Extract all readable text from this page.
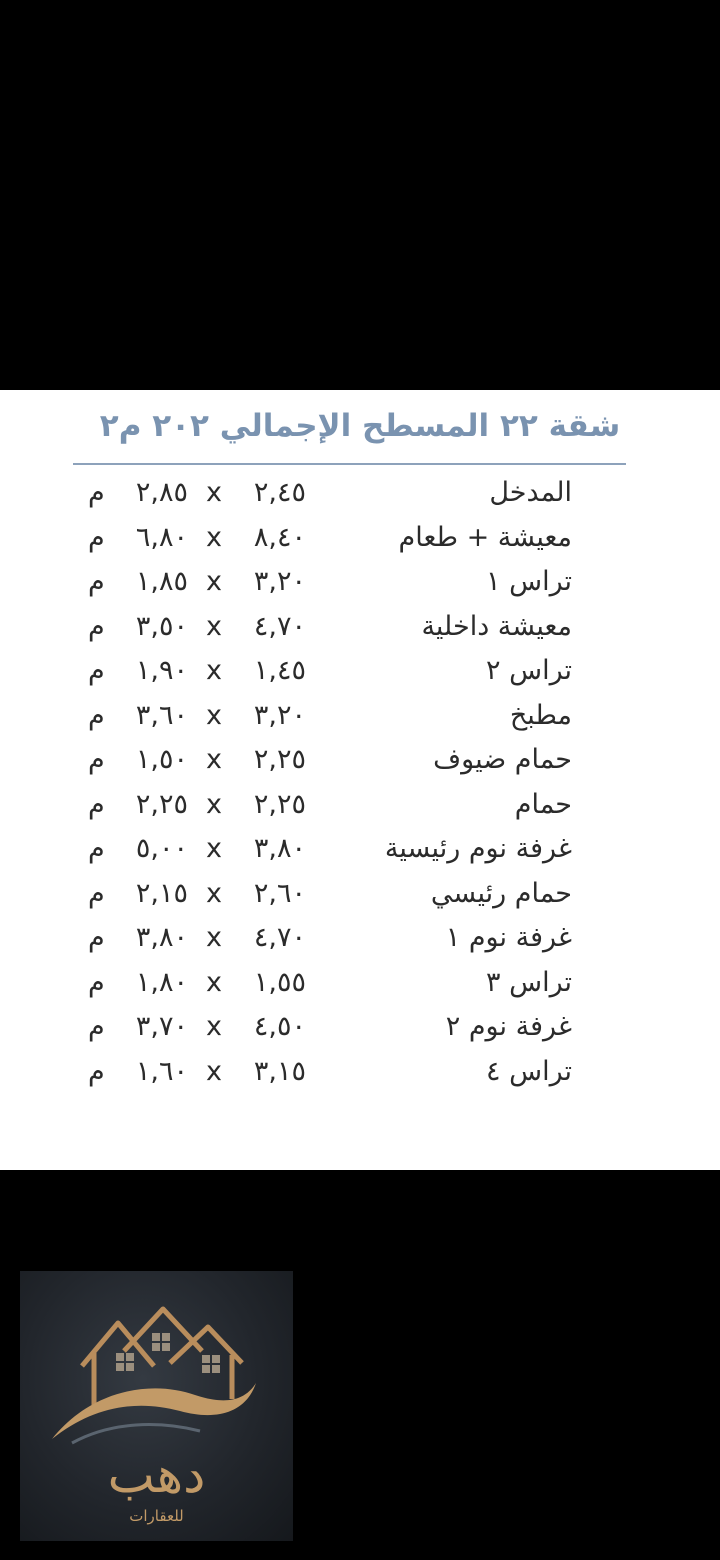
شقة ٢٢ المسطح الإجمالي ٢٠٢ م٢
المدخل
٢,٤٥
x
٢,٨٥
م
معيشة + طعام
٨,٤٠
x
٦,٨٠
م
تراس ١
٣,٢٠
x
١,٨٥
م
معيشة داخلية
٤,٧٠
x
٣,٥٠
م
تراس ٢
١,٤٥
x
١,٩٠
م
مطبخ
٣,٢٠
x
٣,٦٠
م
حمام ضيوف
٢,٢٥
x
١,٥٠
م
حمام
٢,٢٥
x
٢,٢٥
م
غرفة نوم رئيسية
٣,٨٠
x
٥,٠٠
م
حمام رئيسي
٢,٦٠
x
٢,١٥
م
غرفة نوم ١
٤,٧٠
x
٣,٨٠
م
تراس ٣
١,٥٥
x
١,٨٠
م
غرفة نوم ٢
٤,٥٠
x
٣,٧٠
م
تراس ٤
٣,١٥
x
١,٦٠
م
دهب
للعقارات
